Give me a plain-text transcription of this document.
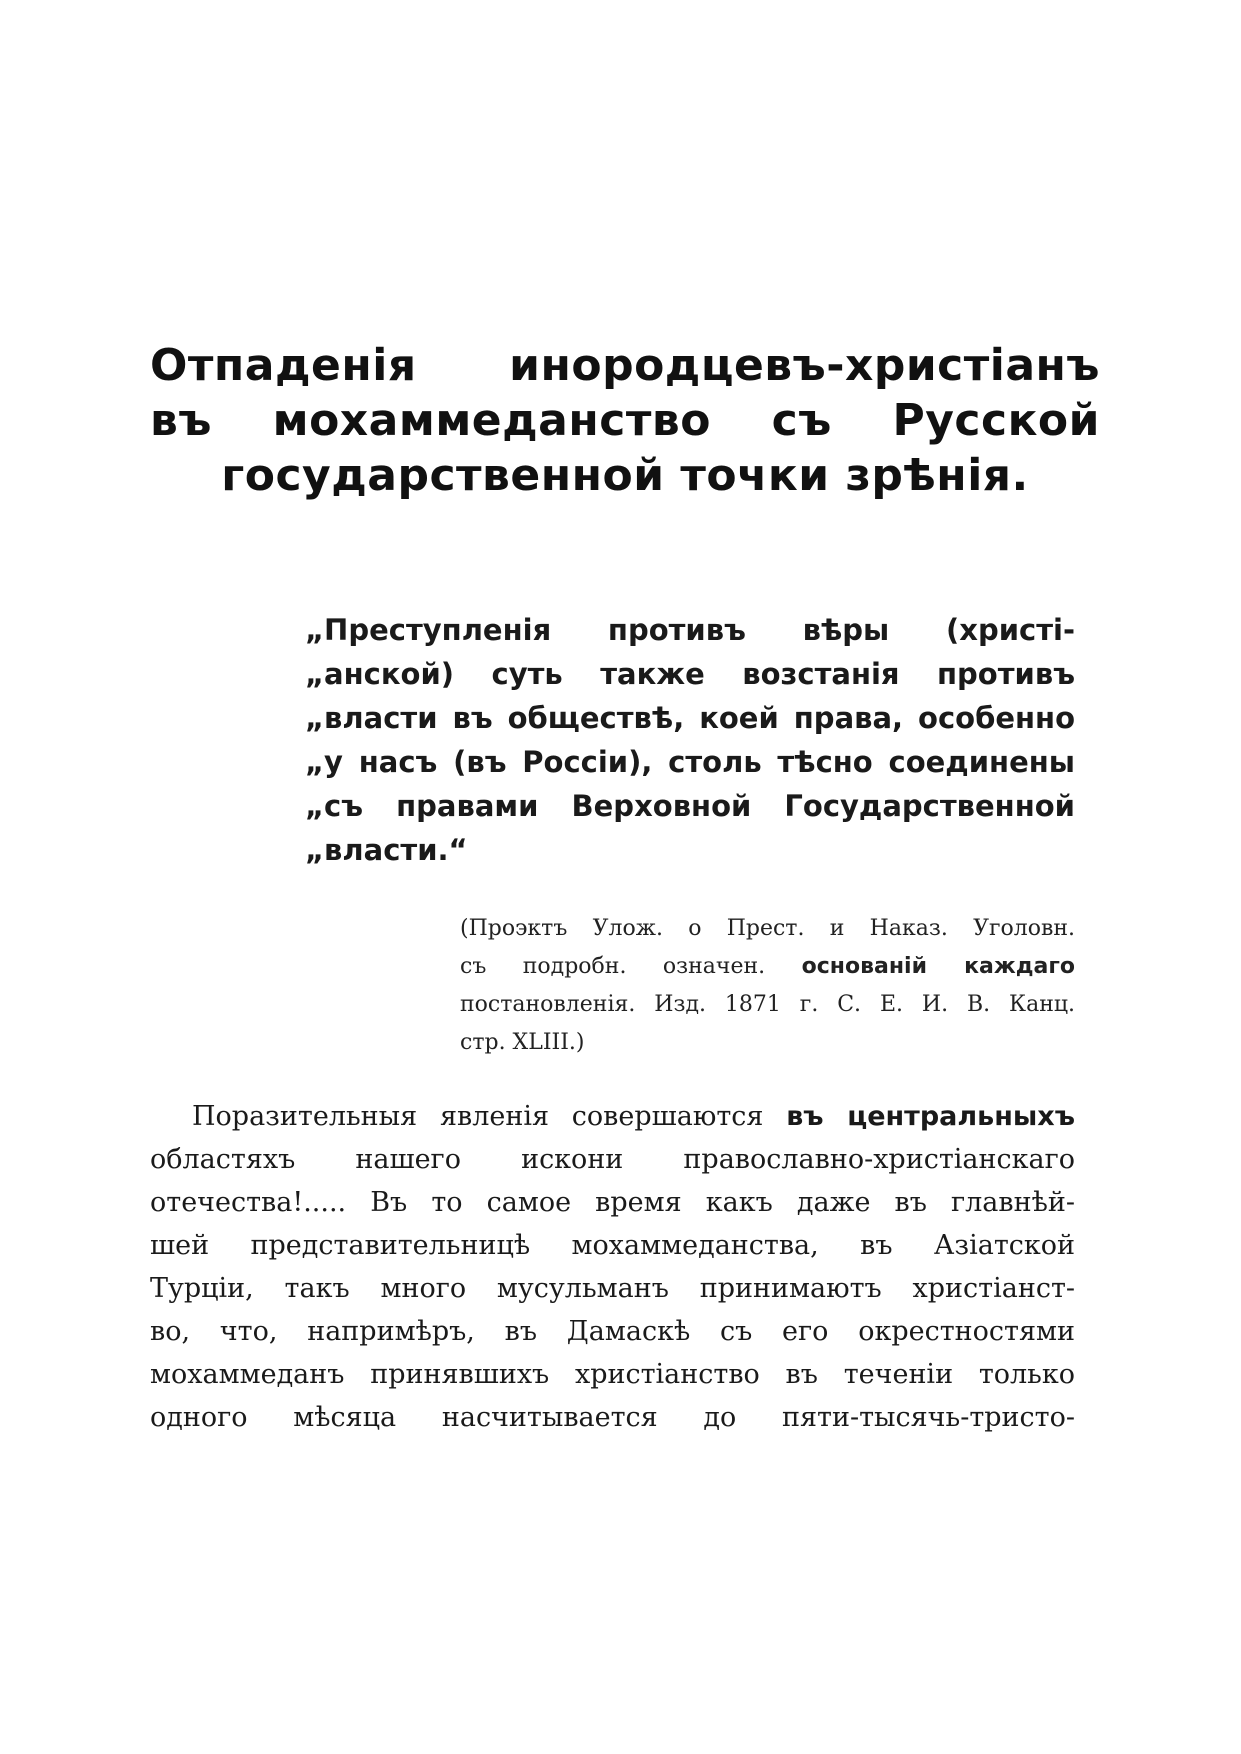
Отпаденія инородцевъ-христіанъ
въ мохаммеданство съ Русской
государственной точки зрѣнія.
„Преступленія противъ вѣры (христі-
„анской) суть также возстанія противъ
„власти въ обществѣ, коей права, особенно
„у насъ (въ Россіи), столь тѣсно соединены
„съ правами Верховной Государственной
„власти.“
(Проэктъ Улож. о Прест. и Наказ. Уголовн.
съ подробн. означен. основаній каждаго
постановленія. Изд. 1871 г. С. Е. И. В. Канц.
стр. XLIII.)
Поразительныя явленія совершаются въ центральныхъ
областяхъ нашего искони православно-христіанскаго
отечества!..... Въ то самое время какъ даже въ главнѣй-
шей представительницѣ мохаммеданства, въ Азіатской
Турціи, такъ много мусульманъ принимаютъ христіанст-
во, что, напримѣръ, въ Дамаскѣ съ его окрестностями
мохаммеданъ принявшихъ христіанство въ теченіи только
одного мѣсяца насчитывается до пяти-тысячь-тристо-
